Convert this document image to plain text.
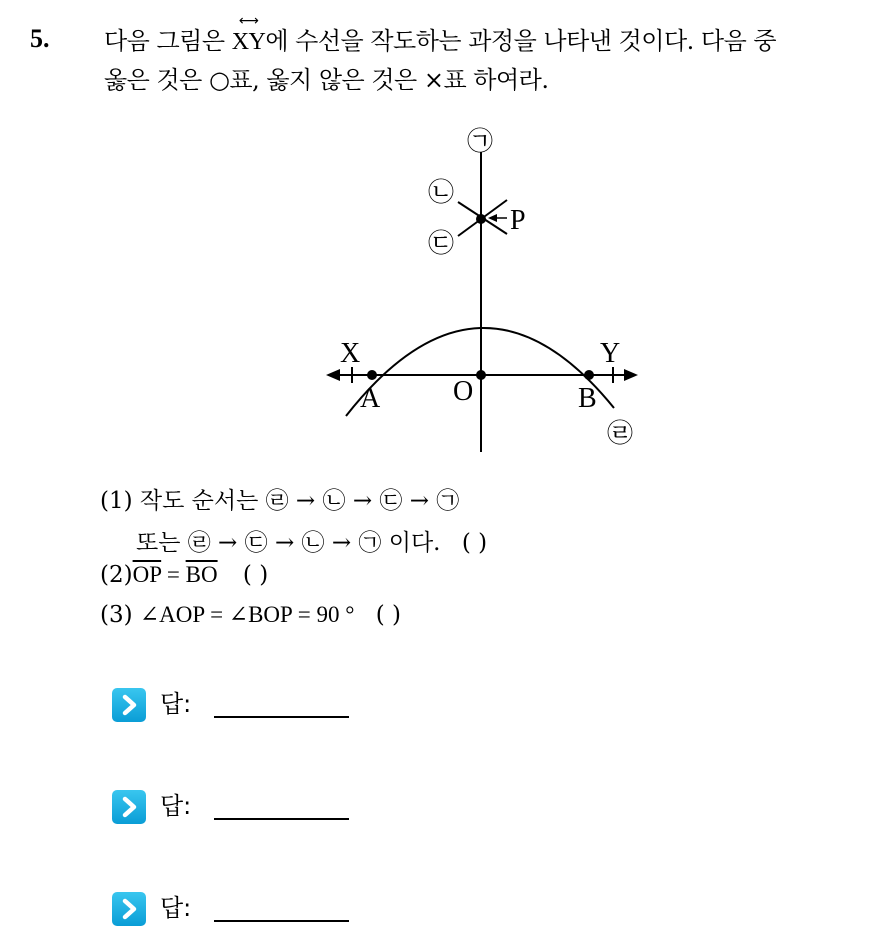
5. 다음 그림은
⟷
XY에 수선을 작도하는 과정을 나타낸 것이다. 다음 중
옳은 것은 ○표, 옳지 않은 것은 ×표 하여라.
X	Y
A	O	B
P
㉠
㉡
㉢
㉣
(1) 작도 순서는 ㉣ → ㉡ → ㉢ → ㉠
또는 ㉣ → ㉢ → ㉡ → ㉠ 이다. ( )
$(2)\overline{OP} = \overline{BO}$ ( )
(3) ∠AOP = ∠BOP = 90 ° ( )
답:
답:
답:
